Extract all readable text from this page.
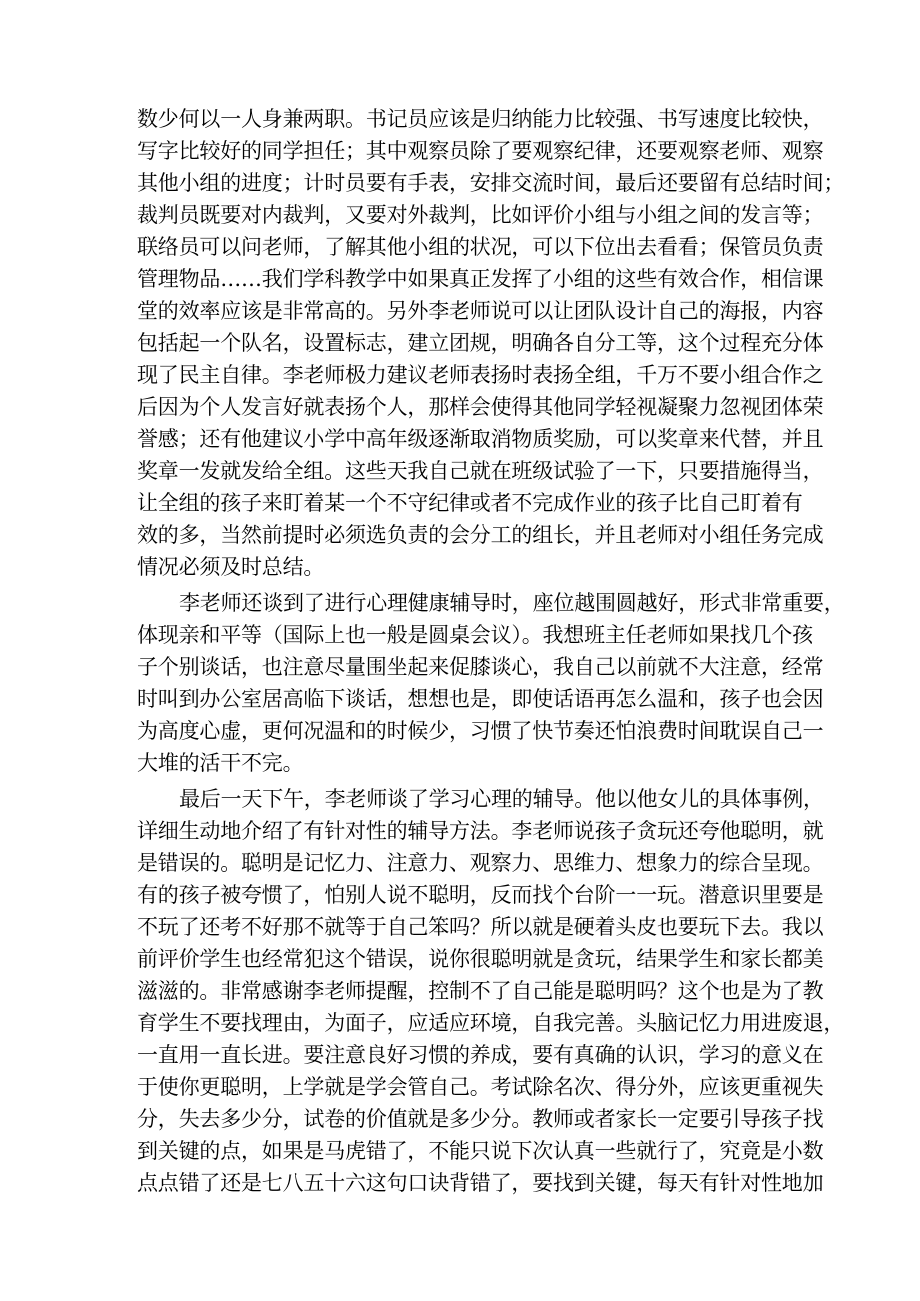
数少何以一人身兼两职。书记员应该是归纳能力比较强、书写速度比较快，
写字比较好的同学担任；其中观察员除了要观察纪律，还要观察老师、观察
其他小组的进度；计时员要有手表，安排交流时间，最后还要留有总结时间；
裁判员既要对内裁判，又要对外裁判，比如评价小组与小组之间的发言等；
联络员可以问老师，了解其他小组的状况，可以下位出去看看；保管员负责
管理物品……我们学科教学中如果真正发挥了小组的这些有效合作，相信课
堂的效率应该是非常高的。另外李老师说可以让团队设计自己的海报，内容
包括起一个队名，设置标志，建立团规，明确各自分工等，这个过程充分体
现了民主自律。李老师极力建议老师表扬时表扬全组，千万不要小组合作之
后因为个人发言好就表扬个人，那样会使得其他同学轻视凝聚力忽视团体荣
誉感；还有他建议小学中高年级逐渐取消物质奖励，可以奖章来代替，并且
奖章一发就发给全组。这些天我自己就在班级试验了一下，只要措施得当，
让全组的孩子来盯着某一个不守纪律或者不完成作业的孩子比自己盯着有
效的多，当然前提时必须选负责的会分工的组长，并且老师对小组任务完成
情况必须及时总结。
李老师还谈到了进行心理健康辅导时，座位越围圆越好，形式非常重要，
体现亲和平等（国际上也一般是圆桌会议）。我想班主任老师如果找几个孩
子个别谈话，也注意尽量围坐起来促膝谈心，我自己以前就不大注意，经常
时叫到办公室居高临下谈话，想想也是，即使话语再怎么温和，孩子也会因
为高度心虚，更何况温和的时候少，习惯了快节奏还怕浪费时间耽误自己一
大堆的活干不完。
最后一天下午，李老师谈了学习心理的辅导。他以他女儿的具体事例，
详细生动地介绍了有针对性的辅导方法。李老师说孩子贪玩还夸他聪明，就
是错误的。聪明是记忆力、注意力、观察力、思维力、想象力的综合呈现。
有的孩子被夸惯了，怕别人说不聪明，反而找个台阶一一玩。潜意识里要是
不玩了还考不好那不就等于自己笨吗？所以就是硬着头皮也要玩下去。我以
前评价学生也经常犯这个错误，说你很聪明就是贪玩，结果学生和家长都美
滋滋的。非常感谢李老师提醒，控制不了自己能是聪明吗？这个也是为了教
育学生不要找理由，为面子，应适应环境，自我完善。头脑记忆力用进废退，
一直用一直长进。要注意良好习惯的养成，要有真确的认识，学习的意义在
于使你更聪明，上学就是学会管自己。考试除名次、得分外，应该更重视失
分，失去多少分，试卷的价值就是多少分。教师或者家长一定要引导孩子找
到关键的点，如果是马虎错了，不能只说下次认真一些就行了，究竟是小数
点点错了还是七八五十六这句口诀背错了，要找到关键，每天有针对性地加
